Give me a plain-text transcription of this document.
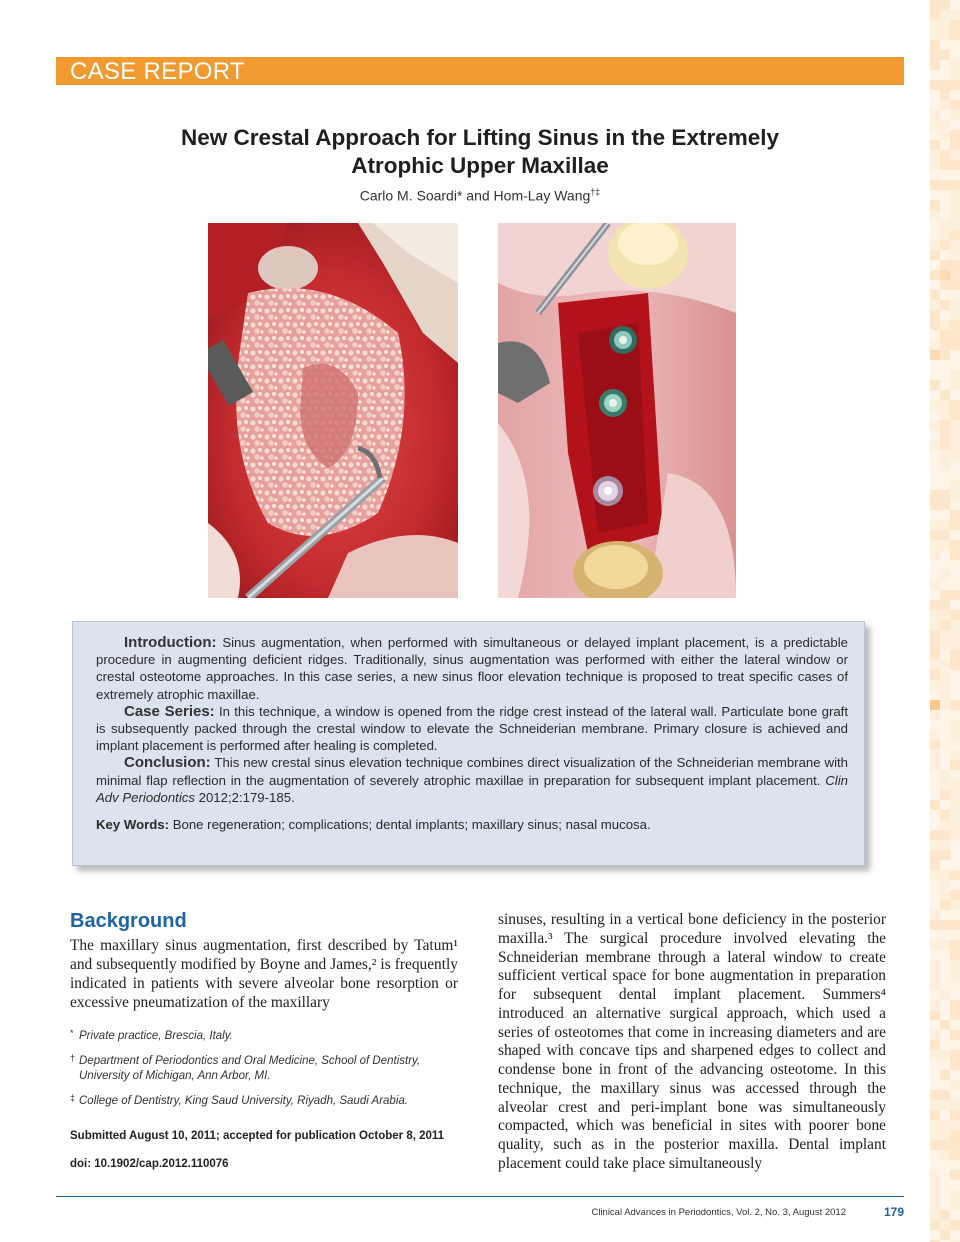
CASE REPORT
New Crestal Approach for Lifting Sinus in the Extremely
Atrophic Upper Maxillae
Carlo M. Soardi* and Hom-Lay Wang†‡

Introduction: Sinus augmentation, when performed with simultaneous or delayed implant placement, is a predictable procedure in augmenting deficient ridges. Traditionally, sinus augmentation was performed with either the lateral window or crestal osteotome approaches. In this case series, a new sinus floor elevation technique is proposed to treat specific cases of extremely atrophic maxillae.

Case Series: In this technique, a window is opened from the ridge crest instead of the lateral wall. Particulate bone graft is subsequently packed through the crestal window to elevate the Schneiderian membrane. Primary closure is achieved and implant placement is performed after healing is completed.

Conclusion: This new crestal sinus elevation technique combines direct visualization of the Schneiderian membrane with minimal flap reflection in the augmentation of severely atrophic maxillae in preparation for subsequent implant placement. Clin Adv Periodontics 2012;2:179-185.

Key Words: Bone regeneration; complications; dental implants; maxillary sinus; nasal mucosa.

Background

The maxillary sinus augmentation, first described by Tatum¹ and subsequently modified by Boyne and James,² is frequently indicated in patients with severe alveolar bone resorption or excessive pneumatization of the maxillary

sinuses, resulting in a vertical bone deficiency in the posterior maxilla.³ The surgical procedure involved elevating the Schneiderian membrane through a lateral window to create sufficient vertical space for bone augmentation in preparation for subsequent dental implant placement. Summers⁴ introduced an alternative surgical approach, which used a series of osteotomes that come in increasing diameters and are shaped with concave tips and sharpened edges to collect and condense bone in front of the advancing osteotome. In this technique, the maxillary sinus was accessed through the alveolar crest and peri-implant bone was simultaneously compacted, which was beneficial in sites with poorer bone quality, such as in the posterior maxilla. Dental implant placement could take place simultaneously

* Private practice, Brescia, Italy.
† Department of Periodontics and Oral Medicine, School of Dentistry, University of Michigan, Ann Arbor, MI.
‡ College of Dentistry, King Saud University, Riyadh, Saudi Arabia.
Submitted August 10, 2011; accepted for publication October 8, 2011
doi: 10.1902/cap.2012.110076
Clinical Advances in Periodontics, Vol. 2, No. 3, August 2012	179
